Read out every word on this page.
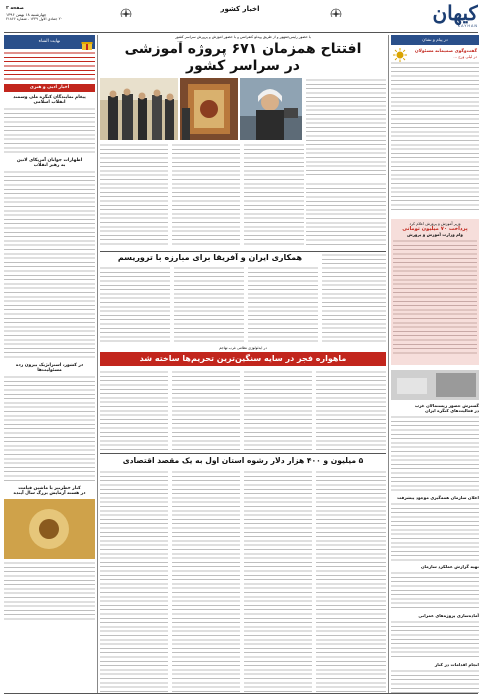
صفحه ۲
چهارشنبه ۱۸ بهمن ۱۳۹۶
۲۰ جمادی الاول ۱۴۳۹ - شماره ۲۱۸۶۶
اخبار کشور	کیهان
KAYHAN
در پیام و نشان
گفت‌وگوی صمیمانه مسئولان
در لیلی ورج ...
وزیر آموزش و پرورش اعلام کرد
پرداخت ۷۰ میلیون تومانی
وام وزارت آموزش و پرورش
گسترش حضور زیستمالان غرب
در فعالیت‌های کنگره ایران
اعلان سازمان همه‌گیری موجود پیشرفت
تهیه گزارش عملکرد سازمان
آماده‌سازی پروژه‌های عمرانی
انجام اقدامات در کنار
با حضور رئیس‌جمهور و از طریق ویدئو کنفرانس و با حضور آموزش و پرورش سراسر کشور
افتتاح همزمان ۶۷۱ پروژه آموزشی
در سراسر کشور
همکاری ایران و آفریقا برای مبارزه با تروریسم
در ایدئولوژی نظامی غرب تهاجم
ماهواره فجر در سایه سنگین‌ترین تحریم‌ها ساخته شد
۵ میلیون و ۴۰۰ هزار دلار رشوه استان اول به یک مقصد اقتصادی
نهایت الشاه
اخبار ادبی و هنری
پیغام نمایندگان کنگره ملی وسمند
انقلاب اسلامی
اظهارات جوانان آمریکای لاتین
به رهبر انقلاب
در کشور، استراتژیک بیرون زده
مسئولیت‌ها
کنار خطرنیز با ماشین قیامت
در هسته آزمایش بزرگ سال آینده
